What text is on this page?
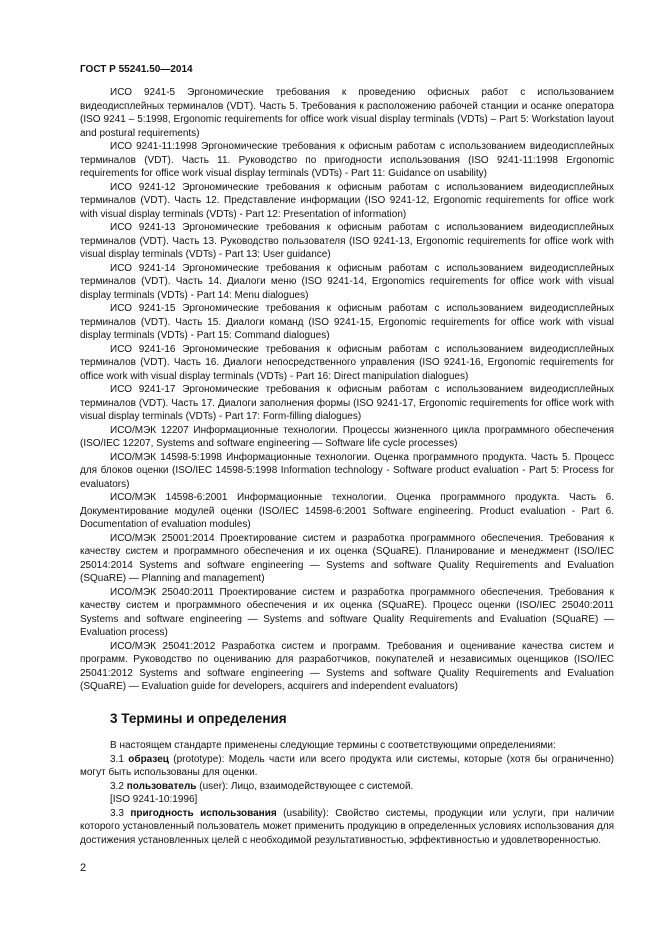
ГОСТ Р 55241.50—2014

ИСО 9241-5 Эргономические требования к проведению офисных работ с использованием видеодисплейных терминалов (VDT). Часть 5. Требования к расположению рабочей станции и осанке оператора (ISO 9241 – 5:1998, Ergonomic requirements for office work visual display terminals (VDTs) – Part 5: Workstation layout and postural requirements)

ИСО 9241-11:1998 Эргономические требования к офисным работам с использованием видеодисплейных терминалов (VDT). Часть 11. Руководство по пригодности использования (ISO 9241-11:1998 Ergonomic requirements for office work visual display terminals (VDTs) - Part 11: Guidance on usability)

ИСО 9241-12 Эргономические требования к офисным работам с использованием видеодисплейных терминалов (VDT). Часть 12. Представление информации (ISO 9241-12, Ergonomic requirements for office work with visual display terminals (VDTs) - Part 12: Presentation of information)

ИСО 9241-13 Эргономические требования к офисным работам с использованием видеодисплейных терминалов (VDT). Часть 13. Руководство пользователя (ISO 9241-13, Ergonomic requirements for office work with visual display terminals (VDTs) - Part 13: User guidance)

ИСО 9241-14 Эргономические требования к офисным работам с использованием видеодисплейных терминалов (VDT). Часть 14. Диалоги меню (ISO 9241-14, Ergonomics requirements for office work with visual display terminals (VDTs) - Part 14: Menu dialogues)

ИСО 9241-15 Эргономические требования к офисным работам с использованием видеодисплейных терминалов (VDT). Часть 15. Диалоги команд (ISO 9241-15, Ergonomic requirements for office work with visual display terminals (VDTs) - Part 15: Command dialogues)

ИСО 9241-16 Эргономические требования к офисным работам с использованием видеодисплейных терминалов (VDT). Часть 16. Диалоги непосредственного управления (ISO 9241-16, Ergonomic requirements for office work with visual display terminals (VDTs) - Part 16: Direct manipulation dialogues)

ИСО 9241-17 Эргономические требования к офисным работам с использованием видеодисплейных терминалов (VDT). Часть 17. Диалоги заполнения формы (ISO 9241-17, Ergonomic requirements for office work with visual display terminals (VDTs) - Part 17: Form-filling dialogues)

ИСО/МЭК 12207 Информационные технологии. Процессы жизненного цикла программного обеспечения (ISO/IEC 12207, Systems and software engineering — Software life cycle processes)

ИСО/МЭК 14598-5:1998 Информационные технологии. Оценка программного продукта. Часть 5. Процесс для блоков оценки (ISO/IEC 14598-5:1998 Information technology - Software product evaluation - Part 5: Process for evaluators)

ИСО/МЭК 14598-6:2001 Информационные технологии. Оценка программного продукта. Часть 6. Документирование модулей оценки (ISO/IEC 14598-6:2001 Software engineering. Product evaluation - Part 6. Documentation of evaluation modules)

ИСО/МЭК 25001:2014 Проектирование систем и разработка программного обеспечения. Требования к качеству систем и программного обеспечения и их оценка (SQuaRE). Планирование и менеджмент (ISO/IEC 25014:2014 Systems and software engineering — Systems and software Quality Requirements and Evaluation (SQuaRE) — Planning and management)

ИСО/МЭК 25040:2011 Проектирование систем и разработка программного обеспечения. Требования к качеству систем и программного обеспечения и их оценка (SQuaRE). Процесс оценки (ISO/IEC 25040:2011 Systems and software engineering — Systems and software Quality Requirements and Evaluation (SQuaRE) — Evaluation process)

ИСО/МЭК 25041:2012 Разработка систем и программ. Требования и оценивание качества систем и программ. Руководство по оцениванию для разработчиков, покупателей и независимых оценщиков (ISO/IEC 25041:2012 Systems and software engineering — Systems and software Quality Requirements and Evaluation (SQuaRE) — Evaluation guide for developers, acquirers and independent evaluators)

3 Термины и определения

В настоящем стандарте применены следующие термины с соответствующими определениями:

3.1 образец (prototype): Модель части или всего продукта или системы, которые (хотя бы ограниченно) могут быть использованы для оценки.

3.2 пользователь (user): Лицо, взаимодействующее с системой.

[ISO 9241-10:1996]

3.3 пригодность использования (usability): Свойство системы, продукции или услуги, при наличии которого установленный пользователь может применить продукцию в определенных условиях использования для достижения установленных целей с необходимой результативностью, эффективностью и удовлетворенностью.

2
